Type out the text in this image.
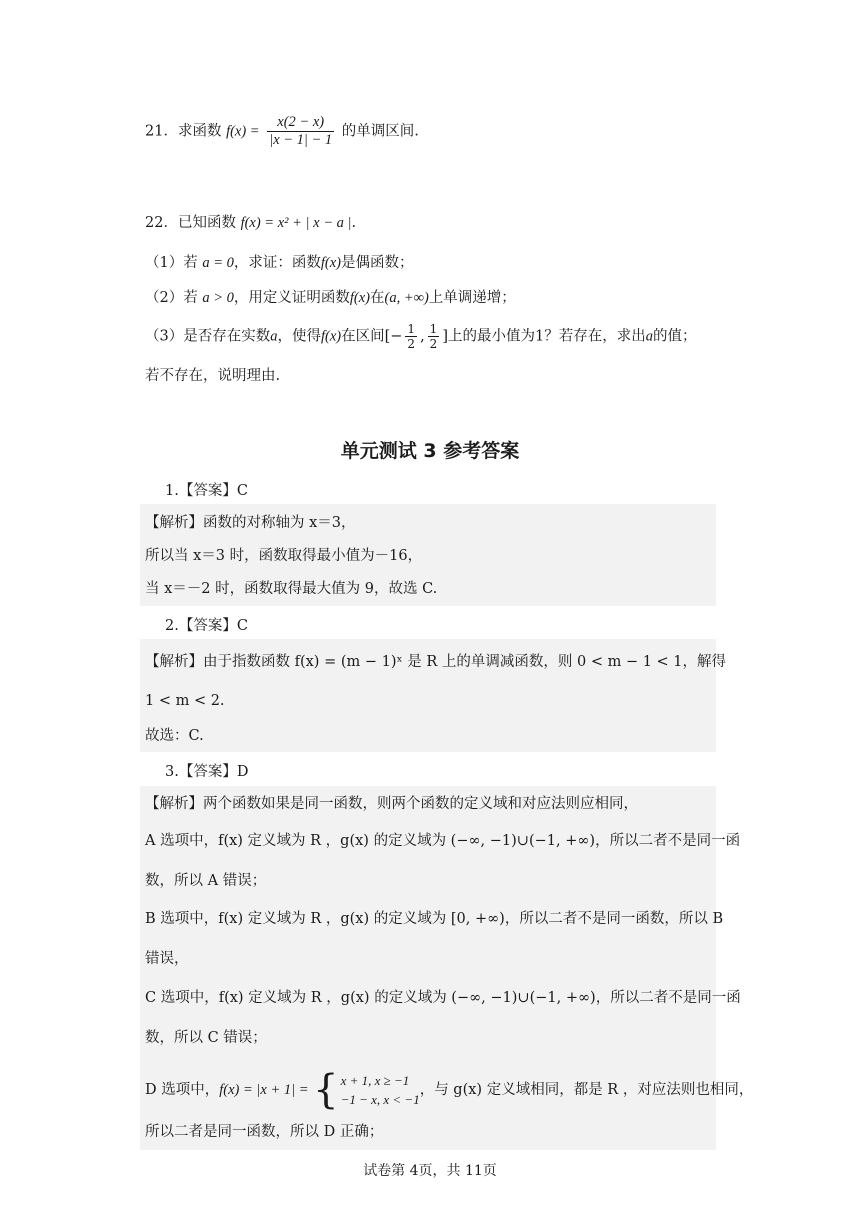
21．求函数 $f(x) = \frac{x(2 - x)}{|x - 1| - 1}$ 的单调区间.
22．已知函数 f(x) = x² + | x − a |.
（1）若 a = 0，求证：函数f(x)是偶函数；
（2）若 a > 0，用定义证明函数f(x)在(a, +∞)上单调递增；
（3）是否存在实数a，使得f(x)在区间[− $\frac{1}{2}$ , $\frac{1}{2}$ ]上的最小值为1？若存在，求出a的值；
若不存在，说明理由.
单元测试 3 参考答案
1.【答案】C
【解析】函数的对称轴为 x＝3，
所以当 x＝3 时，函数取得最小值为－16，
当 x＝－2 时，函数取得最大值为 9，故选 C.
2.【答案】C
【解析】由于指数函数 f(x) = (m − 1)ˣ 是 R 上的单调减函数，则 0 < m − 1 < 1，解得
1 < m < 2.
故选：C.
3.【答案】D
【解析】两个函数如果是同一函数，则两个函数的定义域和对应法则应相同，
A 选项中，f(x) 定义域为 R ，g(x) 的定义域为 (−∞, −1)∪(−1, +∞)，所以二者不是同一函
数，所以 A 错误；
B 选项中，f(x) 定义域为 R ，g(x) 的定义域为 [0, +∞)，所以二者不是同一函数，所以 B
错误，
C 选项中，f(x) 定义域为 R ，g(x) 的定义域为 (−∞, −1)∪(−1, +∞)，所以二者不是同一函
数，所以 C 错误；
D 选项中，f(x) = |x + 1| = { x + 1, x ≥ −1
−1 − x, x < −1
，与 g(x) 定义域相同，都是 R ，对应法则也相同，
所以二者是同一函数，所以 D 正确；
试卷第 4页，共 11页
